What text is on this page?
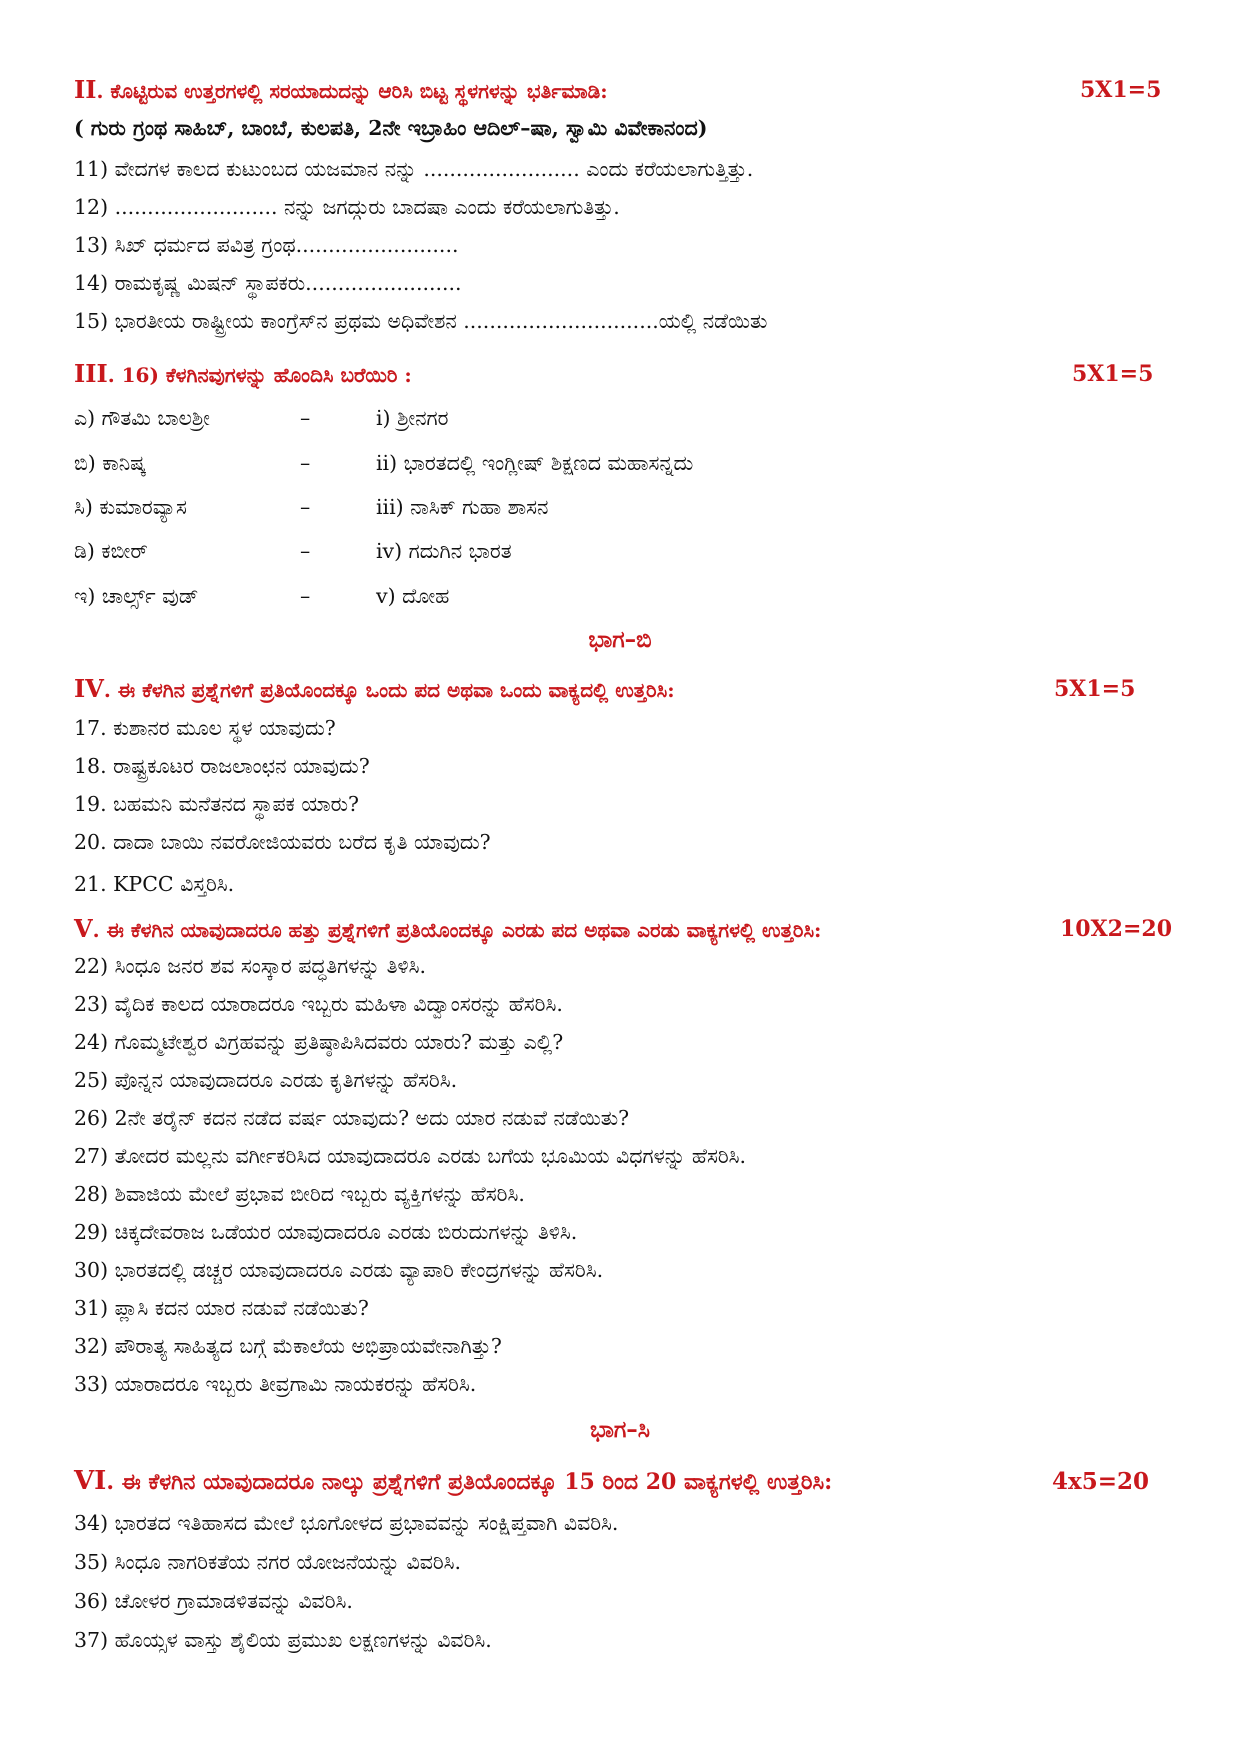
II. ಕೊಟ್ಟಿರುವ ಉತ್ತರಗಳಲ್ಲಿ ಸರಯಾದುದನ್ನು ಆರಿಸಿ ಬಿಟ್ಟ ಸ್ಥಳಗಳನ್ನು ಭರ್ತಿಮಾಡಿ:	5X1=5
( ಗುರು ಗ್ರಂಥ ಸಾಹಿಬ್, ಬಾಂಬೆ, ಕುಲಪತಿ, 2ನೇ ಇಬ್ರಾಹಿಂ ಆದಿಲ್–ಷಾ, ಸ್ವಾಮಿ ವಿವೇಕಾನಂದ)
11) ವೇದಗಳ ಕಾಲದ ಕುಟುಂಬದ ಯಜಮಾನ ನನ್ನು ........................ ಎಂದು ಕರೆಯಲಾಗುತ್ತಿತ್ತು.
12) ......................... ನನ್ನು ಜಗದ್ಗುರು ಬಾದಷಾ ಎಂದು ಕರೆಯಲಾಗುತಿತ್ತು.
13) ಸಿಖ್ ಧರ್ಮದ ಪವಿತ್ರ ಗ್ರಂಥ.........................
14) ರಾಮಕೃಷ್ಣ ಮಿಷನ್ ಸ್ಥಾಪಕರು........................
15) ಭಾರತೀಯ ರಾಷ್ಟ್ರೀಯ ಕಾಂಗ್ರೆಸ್‌ನ ಪ್ರಥಮ ಅಧಿವೇಶನ ..............................ಯಲ್ಲಿ ನಡೆಯಿತು
III. 16) ಕೆಳಗಿನವುಗಳನ್ನು ಹೊಂದಿಸಿ ಬರೆಯಿರಿ :	5X1=5
ಎ) ಗೌತಮಿ ಬಾಲಶ್ರೀ	–	i) ಶ್ರೀನಗರ
ಬಿ) ಕಾನಿಷ್ಕ	–	ii) ಭಾರತದಲ್ಲಿ ಇಂಗ್ಲೀಷ್ ಶಿಕ್ಷಣದ ಮಹಾಸನ್ನದು
ಸಿ) ಕುಮಾರವ್ಯಾಸ	–	iii) ನಾಸಿಕ್ ಗುಹಾ ಶಾಸನ
ಡಿ) ಕಬೀರ್	–	iv) ಗದುಗಿನ ಭಾರತ
ಇ) ಚಾರ್ಲ್ಸ್ ವುಡ್	–	v) ದೋಹ
ಭಾಗ–ಬಿ
IV. ಈ ಕೆಳಗಿನ ಪ್ರಶ್ನೆಗಳಿಗೆ ಪ್ರತಿಯೊಂದಕ್ಕೂ ಒಂದು ಪದ ಅಥವಾ ಒಂದು ವಾಕ್ಯದಲ್ಲಿ ಉತ್ತರಿಸಿ:	5X1=5
17. ಕುಶಾನರ ಮೂಲ ಸ್ಥಳ ಯಾವುದು?
18. ರಾಷ್ಟ್ರಕೂಟರ ರಾಜಲಾಂಛನ ಯಾವುದು?
19. ಬಹಮನಿ ಮನೆತನದ ಸ್ಥಾಪಕ ಯಾರು?
20. ದಾದಾ ಬಾಯಿ ನವರೋಜಿಯವರು ಬರೆದ ಕೃತಿ ಯಾವುದು?
21. KPCC ವಿಸ್ತರಿಸಿ.
V. ಈ ಕೆಳಗಿನ ಯಾವುದಾದರೂ ಹತ್ತು ಪ್ರಶ್ನೆಗಳಿಗೆ ಪ್ರತಿಯೊಂದಕ್ಕೂ ಎರಡು ಪದ ಅಥವಾ ಎರಡು ವಾಕ್ಯಗಳಲ್ಲಿ ಉತ್ತರಿಸಿ:	10X2=20
22) ಸಿಂಧೂ ಜನರ ಶವ ಸಂಸ್ಕಾರ ಪದ್ಧತಿಗಳನ್ನು ತಿಳಿಸಿ.
23) ವೈದಿಕ ಕಾಲದ ಯಾರಾದರೂ ಇಬ್ಬರು ಮಹಿಳಾ ವಿದ್ವಾಂಸರನ್ನು ಹೆಸರಿಸಿ.
24) ಗೊಮ್ಮಟೇಶ್ವರ ವಿಗ್ರಹವನ್ನು ಪ್ರತಿಷ್ಠಾಪಿಸಿದವರು ಯಾರು? ಮತ್ತು ಎಲ್ಲಿ?
25) ಪೊನ್ನನ ಯಾವುದಾದರೂ ಎರಡು ಕೃತಿಗಳನ್ನು ಹೆಸರಿಸಿ.
26) 2ನೇ ತರೈನ್ ಕದನ ನಡೆದ ವರ್ಷ ಯಾವುದು? ಅದು ಯಾರ ನಡುವೆ ನಡೆಯಿತು?
27) ತೋದರ ಮಲ್ಲನು ವರ್ಗೀಕರಿಸಿದ ಯಾವುದಾದರೂ ಎರಡು ಬಗೆಯ ಭೂಮಿಯ ವಿಧಗಳನ್ನು ಹೆಸರಿಸಿ.
28) ಶಿವಾಜಿಯ ಮೇಲೆ ಪ್ರಭಾವ ಬೀರಿದ ಇಬ್ಬರು ವ್ಯಕ್ತಿಗಳನ್ನು ಹೆಸರಿಸಿ.
29) ಚಿಕ್ಕದೇವರಾಜ ಒಡೆಯರ ಯಾವುದಾದರೂ ಎರಡು ಬಿರುದುಗಳನ್ನು ತಿಳಿಸಿ.
30) ಭಾರತದಲ್ಲಿ ಡಚ್ಚರ ಯಾವುದಾದರೂ ಎರಡು ವ್ಯಾಪಾರಿ ಕೇಂದ್ರಗಳನ್ನು ಹೆಸರಿಸಿ.
31) ಪ್ಲಾಸಿ ಕದನ ಯಾರ ನಡುವೆ ನಡೆಯಿತು?
32) ಪೌರಾತ್ಯ ಸಾಹಿತ್ಯದ ಬಗ್ಗೆ ಮೆಕಾಲೆಯ ಅಭಿಪ್ರಾಯವೇನಾಗಿತ್ತು?
33) ಯಾರಾದರೂ ಇಬ್ಬರು ತೀವ್ರಗಾಮಿ ನಾಯಕರನ್ನು ಹೆಸರಿಸಿ.
ಭಾಗ–ಸಿ
VI. ಈ ಕೆಳಗಿನ ಯಾವುದಾದರೂ ನಾಲ್ಕು ಪ್ರಶ್ನೆಗಳಿಗೆ ಪ್ರತಿಯೊಂದಕ್ಕೂ 15 ರಿಂದ 20 ವಾಕ್ಯಗಳಲ್ಲಿ ಉತ್ತರಿಸಿ:	4x5=20
34) ಭಾರತದ ಇತಿಹಾಸದ ಮೇಲೆ ಭೂಗೋಳದ ಪ್ರಭಾವವನ್ನು ಸಂಕ್ಷಿಪ್ತವಾಗಿ ವಿವರಿಸಿ.
35) ಸಿಂಧೂ ನಾಗರಿಕತೆಯ ನಗರ ಯೋಜನೆಯನ್ನು ವಿವರಿಸಿ.
36) ಚೋಳರ ಗ್ರಾಮಾಡಳಿತವನ್ನು ವಿವರಿಸಿ.
37) ಹೊಯ್ಸಳ ವಾಸ್ತು ಶೈಲಿಯ ಪ್ರಮುಖ ಲಕ್ಷಣಗಳನ್ನು ವಿವರಿಸಿ.
